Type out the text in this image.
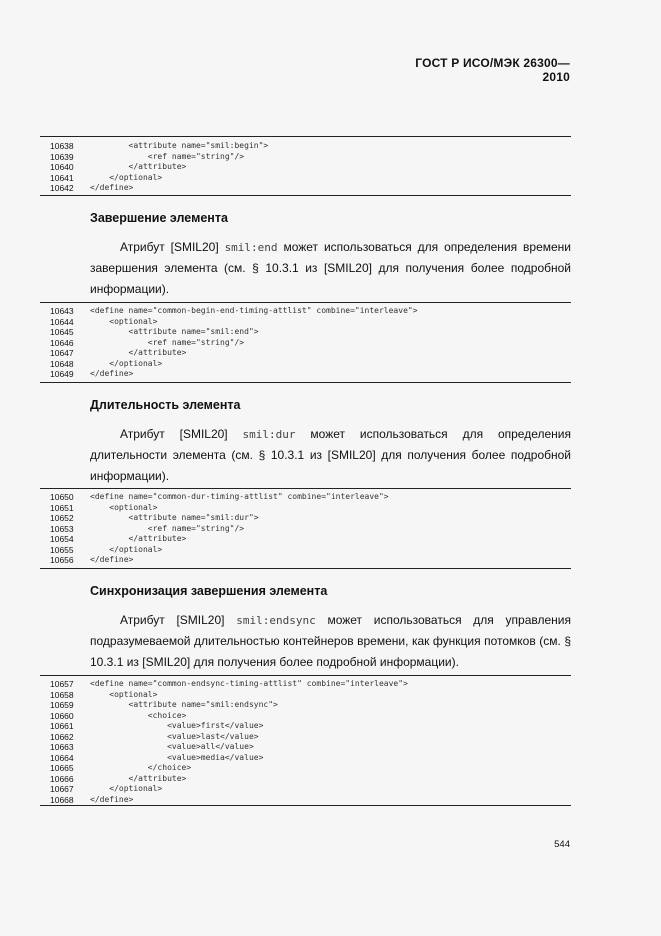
ГОСТ Р ИСО/МЭК 26300—2010
10638	<attribute name="smil:begin">
10639	<ref name="string"/>
10640	</attribute>
10641	</optional>
10642	</define>
Завершение элемента

Атрибут [SMIL20] smil:end может использоваться для определения времени завершения элемента (см. § 10.3.1 из [SMIL20] для получения более подробной информации).

10643	<define name="common-begin-end-timing-attlist" combine="interleave">
10644	<optional>
10645	<attribute name="smil:end">
10646	<ref name="string"/>
10647	</attribute>
10648	</optional>
10649	</define>
Длительность элемента

Атрибут [SMIL20] smil:dur может использоваться для определения длительности элемента (см. § 10.3.1 из [SMIL20] для получения более подробной информации).

10650	<define name="common-dur-timing-attlist" combine="interleave">
10651	<optional>
10652	<attribute name="smil:dur">
10653	<ref name="string"/>
10654	</attribute>
10655	</optional>
10656	</define>
Синхронизация завершения элемента

Атрибут [SMIL20] smil:endsync может использоваться для управления подразумеваемой длительностью контейнеров времени, как функция потомков (см. § 10.3.1 из [SMIL20] для получения более подробной информации).

10657	<define name="common-endsync-timing-attlist" combine="interleave">
10658	<optional>
10659	<attribute name="smil:endsync">
10660	<choice>
10661	<value>first</value>
10662	<value>last</value>
10663	<value>all</value>
10664	<value>media</value>
10665	</choice>
10666	</attribute>
10667	</optional>
10668	</define>
544
